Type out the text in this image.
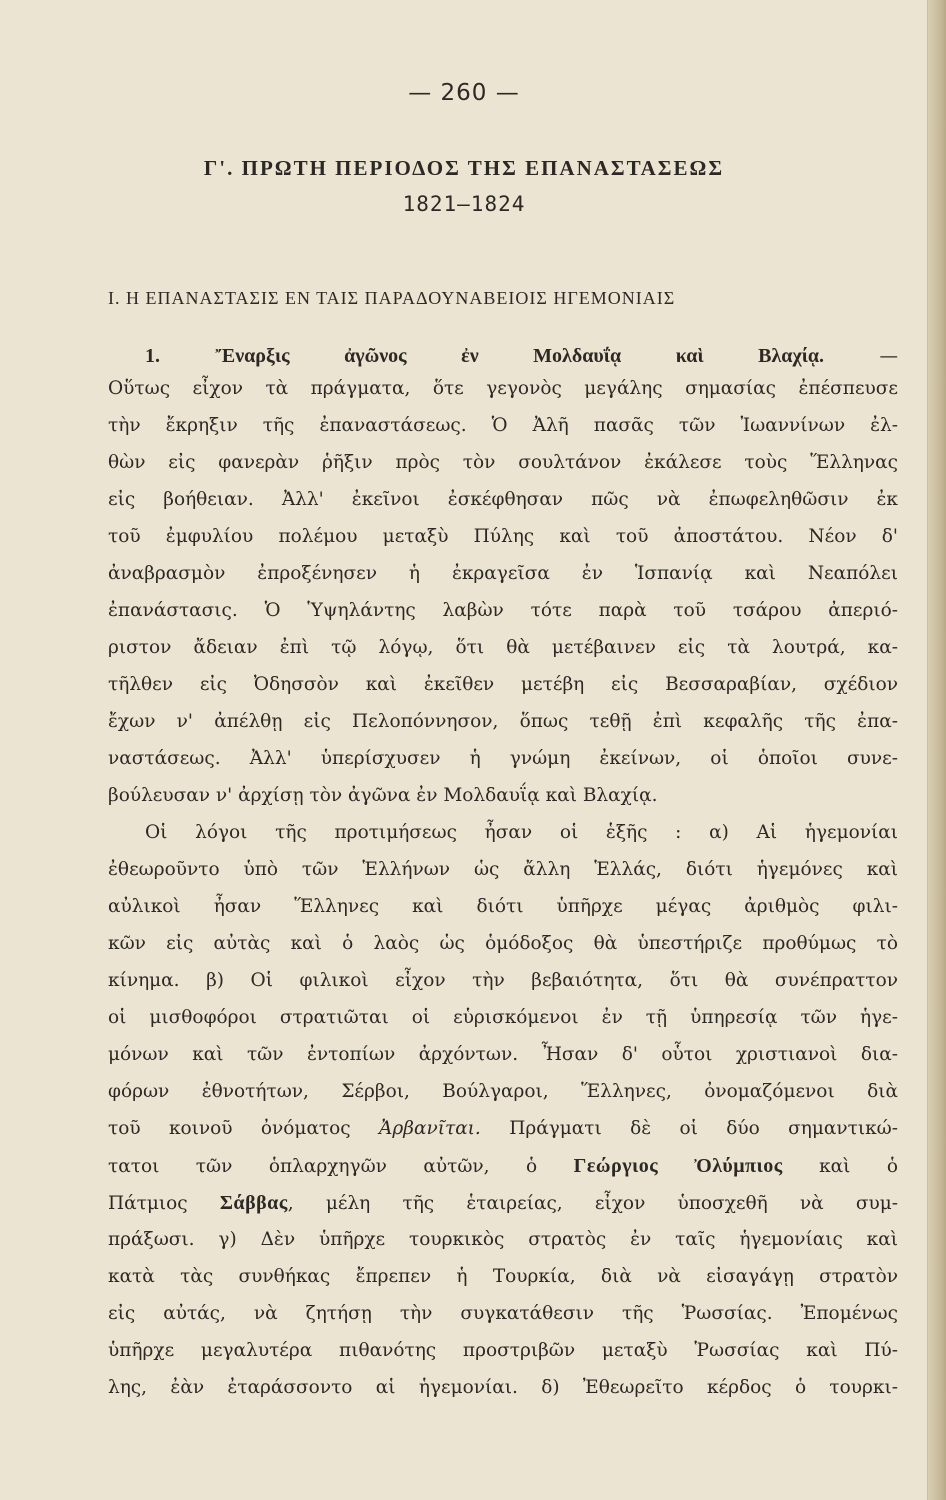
— 260 —
Γ'. ΠΡΩΤΗ ΠΕΡΙΟΔΟΣ ΤΗΣ ΕΠΑΝΑΣΤΑΣΕΩΣ
1821–1824
I. Η ΕΠΑΝΑΣΤΑΣΙΣ ΕΝ ΤΑΙΣ ΠΑΡΑΔΟΥΝΑΒΕΙΟΙΣ ΗΓΕΜΟΝΙΑΙΣ
1.	Ἔναρξις ἀγῶνος ἐν Μολδαυΐᾳ καὶ Βλαχίᾳ.	—
Οὕτως εἶχον τὰ πράγματα, ὅτε γεγονὸς μεγάλης σημασίας ἐπέσπευσε
τὴν ἔκρηξιν τῆς ἐπαναστάσεως. Ὁ Ἀλῆ πασᾶς τῶν Ἰωαννίνων ἐλ-
θὼν εἰς φανερὰν ῥῆξιν πρὸς τὸν σουλτάνον ἐκάλεσε τοὺς Ἕλληνας
εἰς βοήθειαν. Ἀλλ' ἐκεῖνοι ἐσκέφθησαν πῶς νὰ ἐπωφεληθῶσιν ἐκ
τοῦ ἐμφυλίου πολέμου μεταξὺ Πύλης καὶ τοῦ ἀποστάτου. Νέον δ'
ἀναβρασμὸν ἐπροξένησεν ἡ ἐκραγεῖσα ἐν Ἱσπανίᾳ καὶ Νεαπόλει
ἐπανάστασις. Ὁ Ὑψηλάντης λαβὼν τότε παρὰ τοῦ τσάρου ἀπεριό-
ριστον ἄδειαν ἐπὶ τῷ λόγῳ, ὅτι θὰ μετέβαινεν εἰς τὰ λουτρά, κα-
τῆλθεν εἰς Ὀδησσὸν καὶ ἐκεῖθεν μετέβη εἰς Βεσσαραβίαν, σχέδιον
ἔχων ν' ἀπέλθῃ εἰς Πελοπόννησον, ὅπως τεθῇ ἐπὶ κεφαλῆς τῆς ἐπα-
ναστάσεως. Ἀλλ' ὑπερίσχυσεν ἡ γνώμη ἐκείνων, οἱ ὁποῖοι συνε-
βούλευσαν ν' ἀρχίσῃ τὸν ἀγῶνα ἐν Μολδαυΐᾳ καὶ Βλαχίᾳ.
Οἱ λόγοι τῆς προτιμήσεως ἦσαν οἱ ἑξῆς : α) Αἱ ἡγεμονίαι
ἐθεωροῦντο ὑπὸ τῶν Ἑλλήνων ὡς ἄλλη Ἑλλάς, διότι ἡγεμόνες καὶ
αὐλικοὶ ἦσαν Ἕλληνες καὶ διότι ὑπῆρχε μέγας ἀριθμὸς φιλι-
κῶν εἰς αὐτὰς καὶ ὁ λαὸς ὡς ὁμόδοξος θὰ ὑπεστήριζε προθύμως τὸ
κίνημα. β) Οἱ φιλικοὶ εἶχον τὴν βεβαιότητα, ὅτι θὰ συνέπραττον
οἱ μισθοφόροι στρατιῶται οἱ εὑρισκόμενοι ἐν τῇ ὑπηρεσίᾳ τῶν ἡγε-
μόνων καὶ τῶν ἐντοπίων ἀρχόντων. Ἦσαν δ' οὗτοι χριστιανοὶ δια-
φόρων ἐθνοτήτων, Σέρβοι, Βούλγαροι, Ἕλληνες, ὀνομαζόμενοι διὰ
τοῦ κοινοῦ ὀνόματος Ἀρβανῖται. Πράγματι δὲ οἱ δύο σημαντικώ-
τατοι τῶν ὁπλαρχηγῶν αὐτῶν, ὁ Γεώργιος Ὀλύμπιος καὶ ὁ
Πάτμιος Σάββας, μέλη τῆς ἑταιρείας, εἶχον ὑποσχεθῆ νὰ συμ-
πράξωσι. γ) Δὲν ὑπῆρχε τουρκικὸς στρατὸς ἐν ταῖς ἡγεμονίαις καὶ
κατὰ τὰς συνθήκας ἔπρεπεν ἡ Τουρκία, διὰ νὰ εἰσαγάγῃ στρατὸν
εἰς αὐτάς, νὰ ζητήσῃ τὴν συγκατάθεσιν τῆς Ῥωσσίας. Ἐπομένως
ὑπῆρχε μεγαλυτέρα πιθανότης προστριβῶν μεταξὺ Ῥωσσίας καὶ Πύ-
λης, ἐὰν ἐταράσσοντο αἱ ἡγεμονίαι. δ) Ἐθεωρεῖτο κέρδος ὁ τουρκι-
